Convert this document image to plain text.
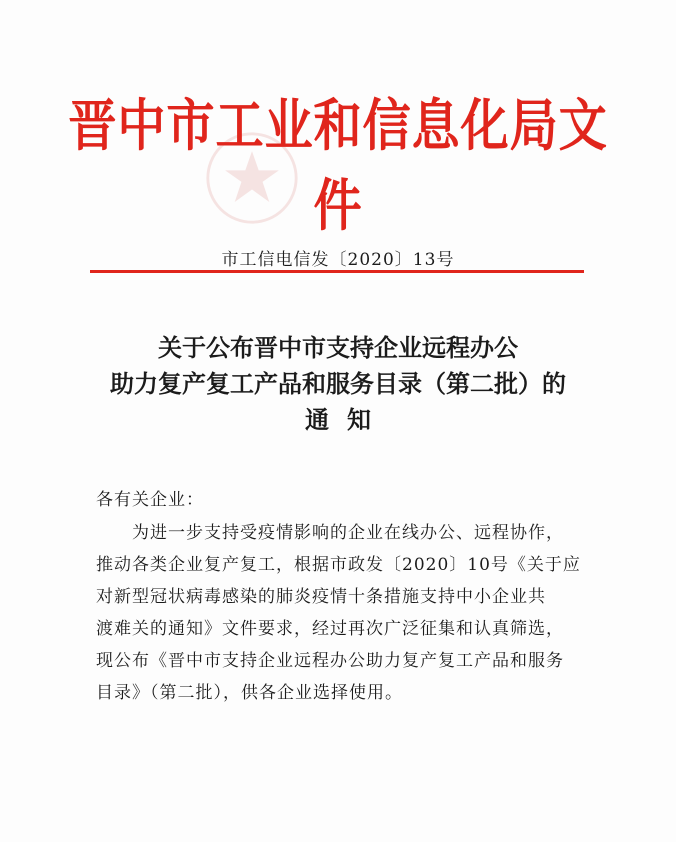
晋中市工业和信息化局文件
市工信电信发〔2020〕13号
关于公布晋中市支持企业远程办公
助力复产复工产品和服务目录（第二批）的
通知
各有关企业：
为进一步支持受疫情影响的企业在线办公、远程协作，
推动各类企业复产复工，根据市政发〔2020〕10号《关于应
对新型冠状病毒感染的肺炎疫情十条措施支持中小企业共
渡难关的通知》文件要求，经过再次广泛征集和认真筛选，
现公布《晋中市支持企业远程办公助力复产复工产品和服务
目录》（第二批），供各企业选择使用。
